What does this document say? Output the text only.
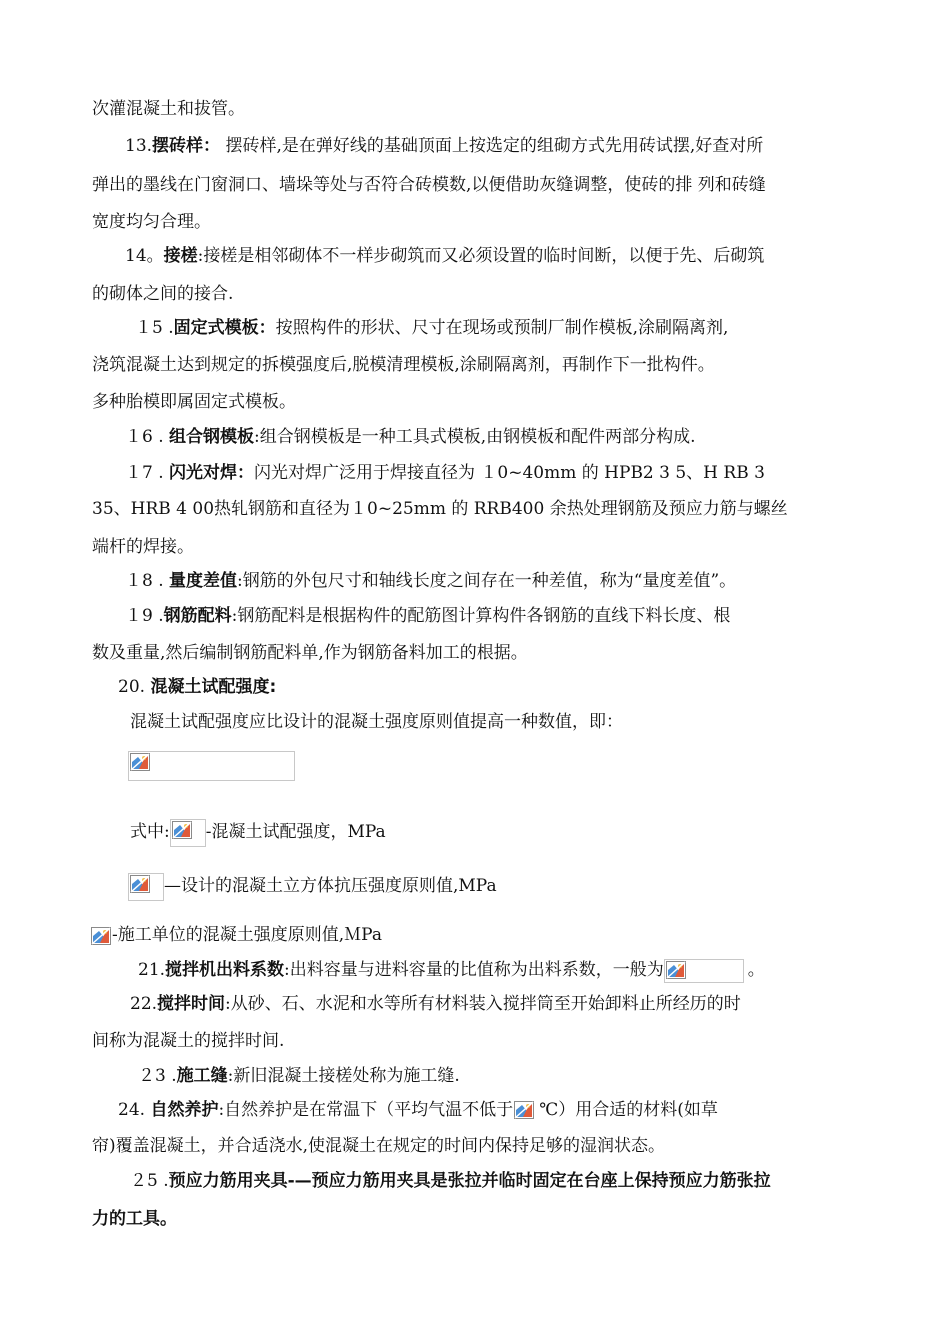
次灌混凝土和拔管。
13.摆砖样： 摆砖样,是在弹好线的基础顶面上按选定的组砌方式先用砖试摆,好查对所
弹出的墨线在门窗洞口、墙垛等处与否符合砖模数,以便借助灰缝调整，使砖的排 列和砖缝
宽度均匀合理。
14。接槎:接槎是相邻砌体不一样步砌筑而又必须设置的临时间断，以便于先、后砌筑
的砌体之间的接合.
１5 .固定式模板：按照构件的形状、尺寸在现场或预制厂制作模板,涂刷隔离剂,
浇筑混凝土达到规定的拆模强度后,脱模清理模板,涂刷隔离剂，再制作下一批构件。
多种胎模即属固定式模板。
１6 . 组合钢模板:组合钢模板是一种工具式模板,由钢模板和配件两部分构成.
１7 . 闪光对焊：闪光对焊广泛用于焊接直径为 １0~40mm 的 HPB2 3 5、H RB 3
35、HRB 4 00热轧钢筋和直径为１0~25mm 的 RRB400 余热处理钢筋及预应力筋与螺丝
端杆的焊接。
１8 . 量度差值:钢筋的外包尺寸和轴线长度之间存在一种差值，称为“量度差值”。
１9 .钢筋配料:钢筋配料是根据构件的配筋图计算构件各钢筋的直线下料长度、根
数及重量,然后编制钢筋配料单,作为钢筋备料加工的根据。
20. 混凝土试配强度:
混凝土试配强度应比设计的混凝土强度原则值提高一种数值，即：
式中: -混凝土试配强度，MPa
—设计的混凝土立方体抗压强度原则值,MPa
-施工单位的混凝土强度原则值,ＭPa
21.搅拌机出料系数:出料容量与进料容量的比值称为出料系数，一般为	。
22.搅拌时间:从砂、石、水泥和水等所有材料装入搅拌筒至开始卸料止所经历的时
间称为混凝土的搅拌时间.
２3 .施工缝:新旧混凝土接槎处称为施工缝.
24. 自然养护:自然养护是在常温下（平均气温不低于 ℃）用合适的材料(如草
帘)覆盖混凝土，并合适浇水,使混凝土在规定的时间内保持足够的湿润状态。
２5 .预应力筋用夹具-—预应力筋用夹具是张拉并临时固定在台座上保持预应力筋张拉
力的工具。
